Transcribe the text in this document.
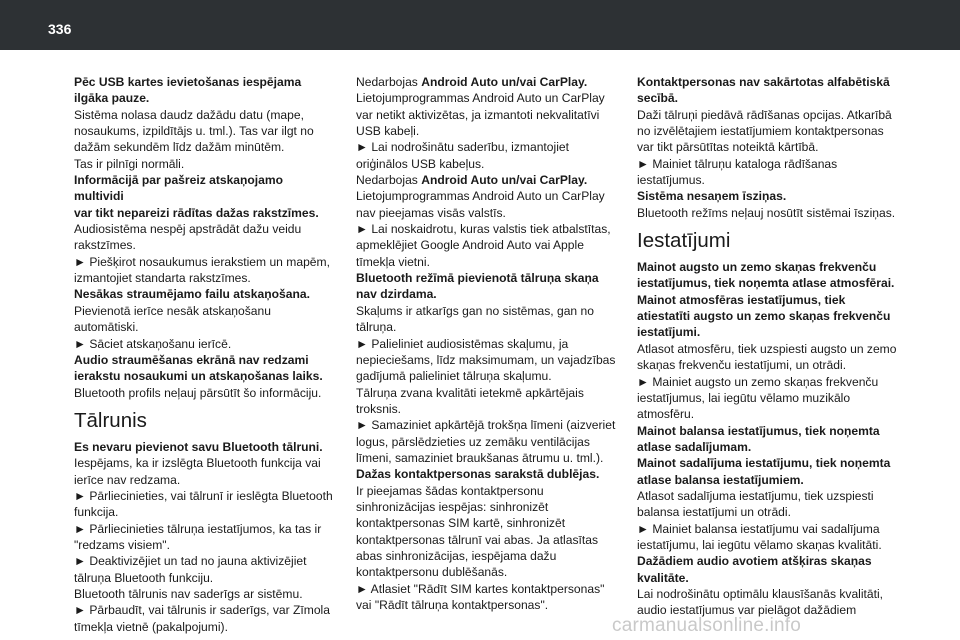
336

Pēc USB kartes ievietošanas iespējama
ilgāka pauze.

Sistēma nolasa daudz dažādu datu (mape,
nosaukums, izpildītājs u. tml.). Tas var ilgt no
dažām sekundēm līdz dažām minūtēm.
Tas ir pilnīgi normāli.

Informācijā par pašreiz atskaņojamo multividi
var tikt nepareizi rādītas dažas rakstzīmes.

Audiosistēma nespēj apstrādāt dažu veidu
rakstzīmes.
► Piešķirot nosaukumus ierakstiem un mapēm,
izmantojiet standarta rakstzīmes.

Nesākas straumējamo failu atskaņošana.

Pievienotā ierīce nesāk atskaņošanu
automātiski.
► Sāciet atskaņošanu ierīcē.

Audio straumēšanas ekrānā nav redzami
ierakstu nosaukumi un atskaņošanas laiks.

Bluetooth profils neļauj pārsūtīt šo informāciju.

Tālrunis

Es nevaru pievienot savu Bluetooth tālruni.

Iespējams, ka ir izslēgta Bluetooth funkcija vai
ierīce nav redzama.
► Pārliecinieties, vai tālrunī ir ieslēgta Bluetooth
funkcija.
► Pārliecinieties tālruņa iestatījumos, ka tas ir
"redzams visiem".
► Deaktivizējiet un tad no jauna aktivizējiet
tālruņa Bluetooth funkciju.
Bluetooth tālrunis nav saderīgs ar sistēmu.
► Pārbaudīt, vai tālrunis ir saderīgs, var Zīmola
tīmekļa vietnē (pakalpojumi).

Nedarbojas Android Auto un/vai CarPlay.
Lietojumprogrammas Android Auto un CarPlay
var netikt aktivizētas, ja izmantoti nekvalitatīvi
USB kabeļi.
► Lai nodrošinātu saderību, izmantojiet
oriģinālos USB kabeļus.
Nedarbojas Android Auto un/vai CarPlay.
Lietojumprogrammas Android Auto un CarPlay
nav pieejamas visās valstīs.
► Lai noskaidrotu, kuras valstis tiek atbalstītas,
apmeklējiet Google Android Auto vai Apple
tīmekļa vietni.

Bluetooth režīmā pievienotā tālruņa skaņa
nav dzirdama.

Skaļums ir atkarīgs gan no sistēmas, gan no
tālruņa.
► Palieliniet audiosistēmas skaļumu, ja
nepieciešams, līdz maksimumam, un vajadzības
gadījumā palieliniet tālruņa skaļumu.
Tālruņa zvana kvalitāti ietekmē apkārtējais
troksnis.
► Samaziniet apkārtējā trokšņa līmeni (aizveriet
logus, pārslēdzieties uz zemāku ventilācijas
līmeni, samaziniet braukšanas ātrumu u. tml.).

Dažas kontaktpersonas sarakstā dublējas.

Ir pieejamas šādas kontaktpersonu
sinhronizācijas iespējas: sinhronizēt
kontaktpersonas SIM kartē, sinhronizēt
kontaktpersonas tālrunī vai abas. Ja atlasītas
abas sinhronizācijas, iespējama dažu
kontaktpersonu dublēšanās.
► Atlasiet "Rādīt SIM kartes kontaktpersonas"
vai "Rādīt tālruņa kontaktpersonas".

Kontaktpersonas nav sakārtotas alfabētiskā
secībā.

Daži tālruņi piedāvā rādīšanas opcijas. Atkarībā
no izvēlētajiem iestatījumiem kontaktpersonas
var tikt pārsūtītas noteiktā kārtībā.
► Mainiet tālruņu kataloga rādīšanas
iestatījumus.

Sistēma nesaņem īsziņas.

Bluetooth režīms neļauj nosūtīt sistēmai īsziņas.

Iestatījumi

Mainot augsto un zemo skaņas frekvenču
iestatījumus, tiek noņemta atlase atmosfērai.
Mainot atmosfēras iestatījumus, tiek
atiestatīti augsto un zemo skaņas frekvenču
iestatījumi.

Atlasot atmosfēru, tiek uzspiesti augsto un zemo
skaņas frekvenču iestatījumi, un otrādi.
► Mainiet augsto un zemo skaņas frekvenču
iestatījumus, lai iegūtu vēlamo muzikālo
atmosfēru.

Mainot balansa iestatījumus, tiek noņemta
atlase sadalījumam.
Mainot sadalījuma iestatījumu, tiek noņemta
atlase balansa iestatījumiem.

Atlasot sadalījuma iestatījumu, tiek uzspiesti
balansa iestatījumi un otrādi.
► Mainiet balansa iestatījumu vai sadalījuma
iestatījumu, lai iegūtu vēlamo skaņas kvalitāti.

Dažādiem audio avotiem atšķiras skaņas
kvalitāte.

Lai nodrošinātu optimālu klausīšanās kvalitāti,
audio iestatījumus var pielāgot dažādiem

carmanualsonline.info
